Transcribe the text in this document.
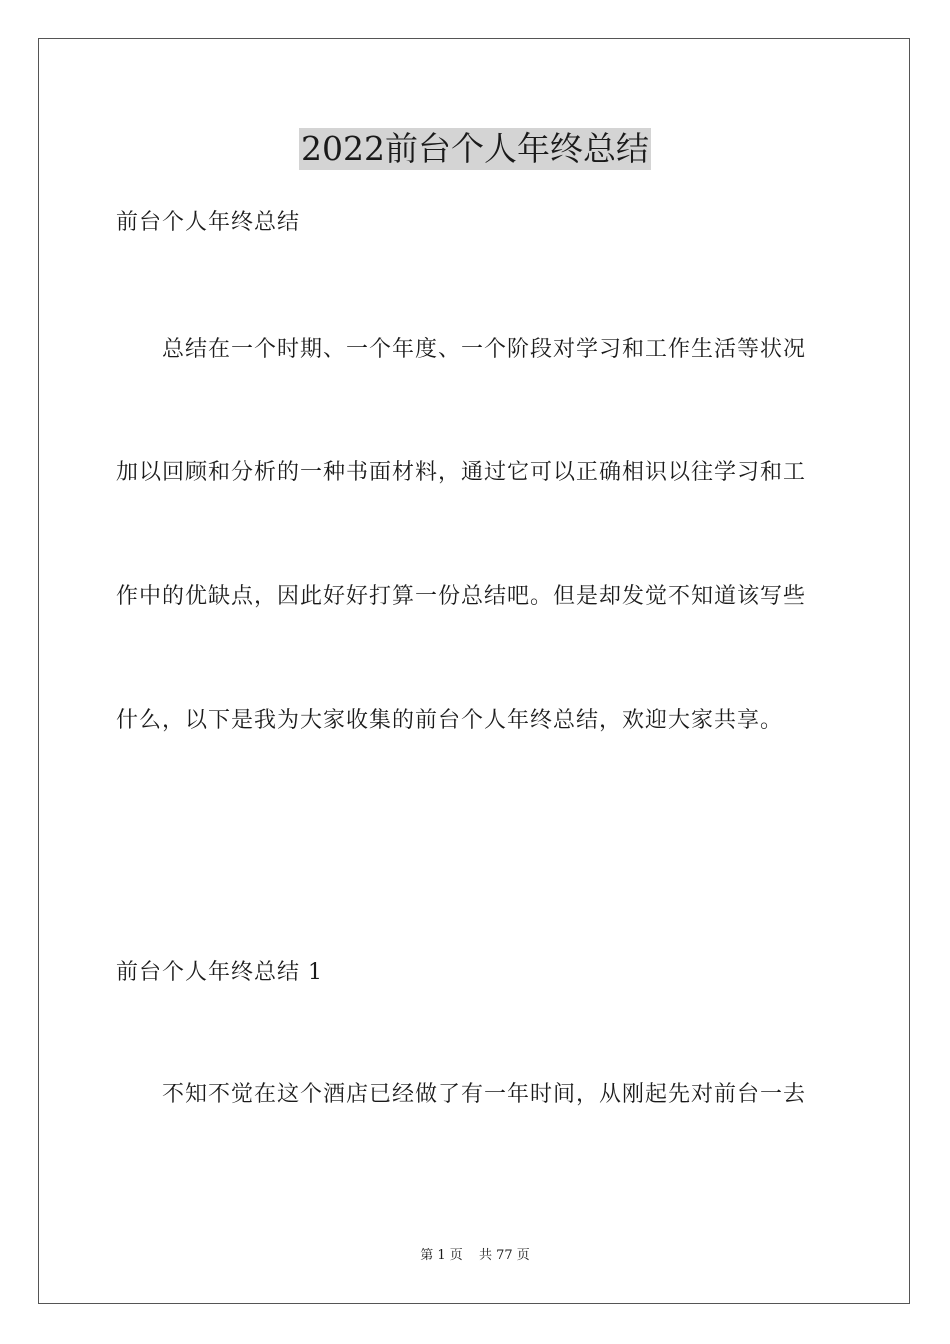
2022前台个人年终总结
前台个人年终总结
　　总结在一个时期、一个年度、一个阶段对学习和工作生活等状况
加以回顾和分析的一种书面材料，通过它可以正确相识以往学习和工
作中的优缺点，因此好好打算一份总结吧。但是却发觉不知道该写些
什么，以下是我为大家收集的前台个人年终总结，欢迎大家共享。
前台个人年终总结 1
　　不知不觉在这个酒店已经做了有一年时间，从刚起先对前台一去
第 1 页 共 77 页
